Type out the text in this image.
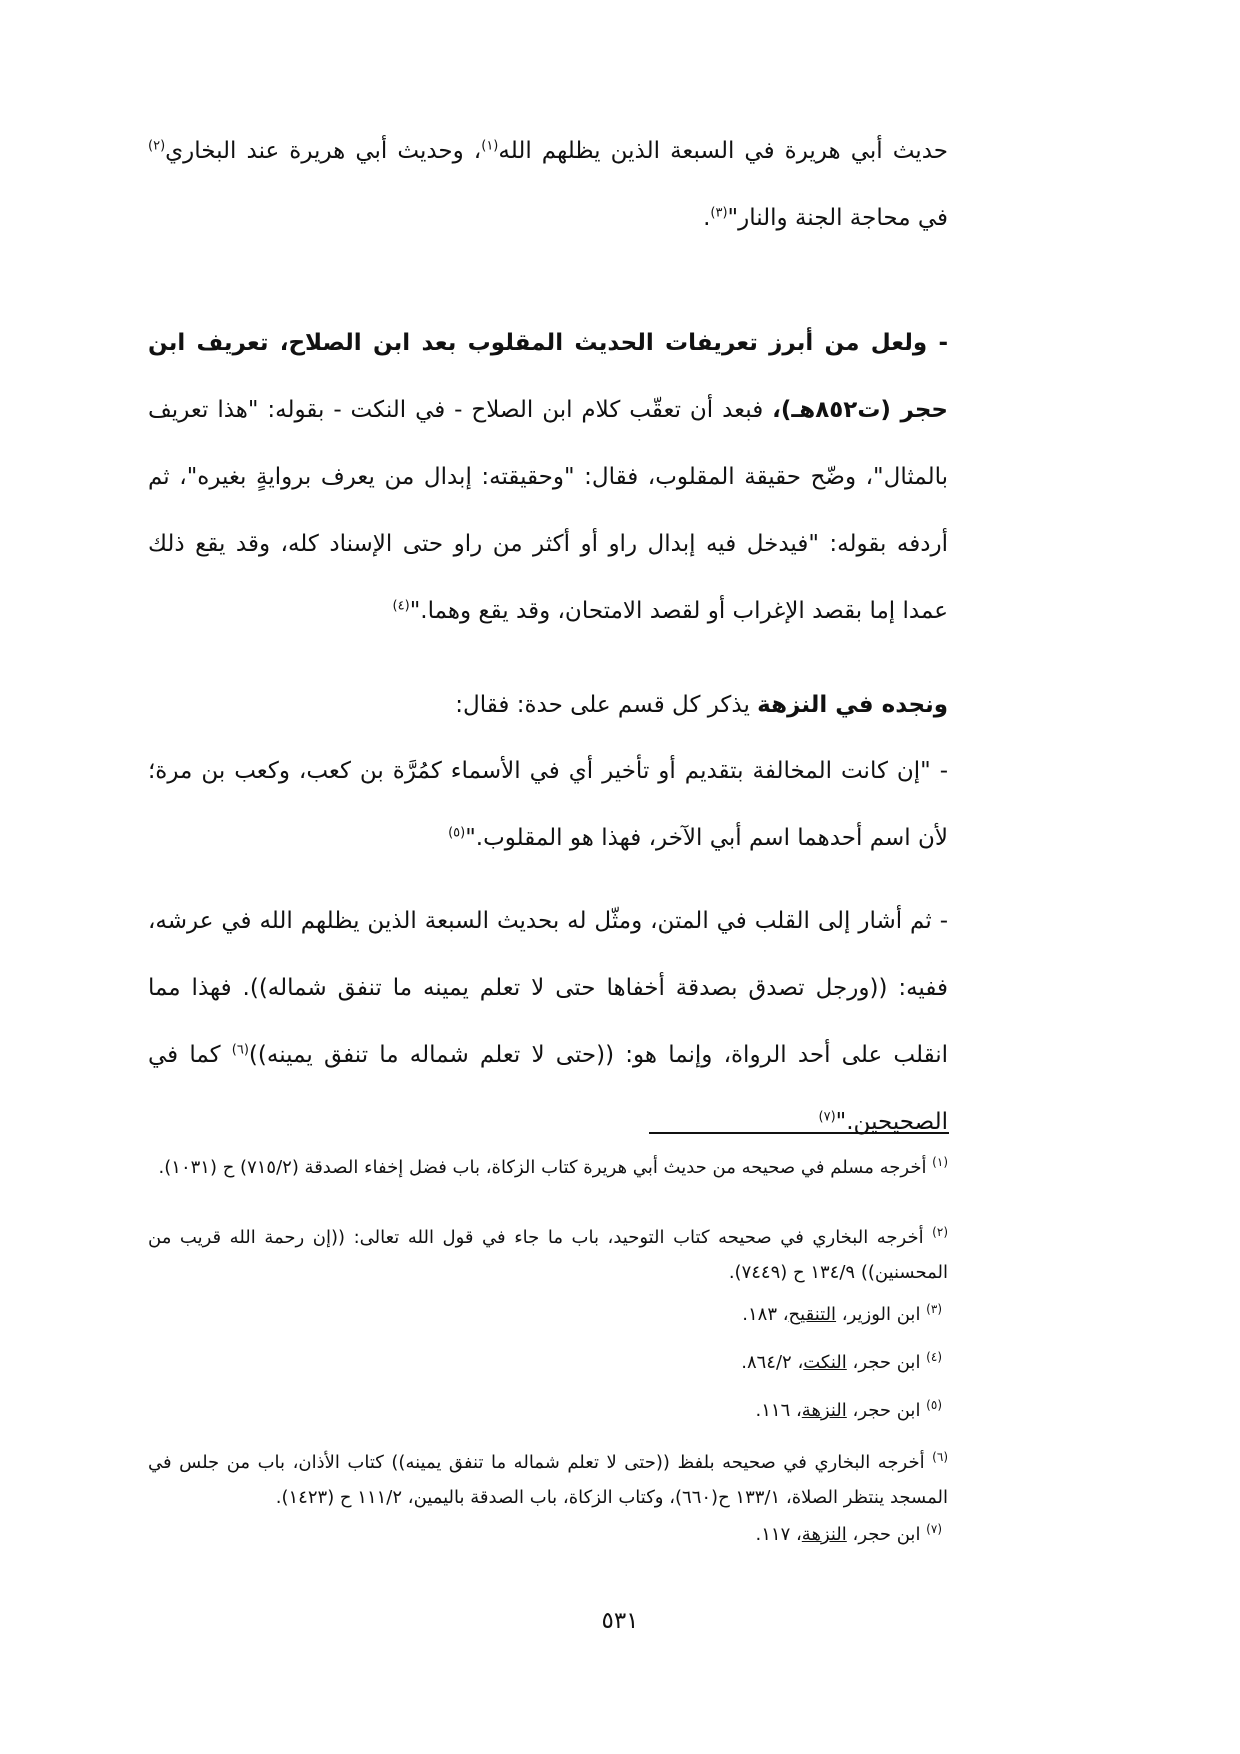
حديث أبي هريرة في السبعة الذين يظلهم الله$^{(١)}$، وحديث أبي هريرة عند البخاري$^{(٢)}$ في محاجة الجنة والنار"$^{(٣)}$.

- ولعل من أبرز تعريفات الحديث المقلوب بعد ابن الصلاح، تعريف ابن حجر (ت٨٥٢هـ)، فبعد أن تعقّب كلام ابن الصلاح - في النكت - بقوله: "هذا تعريف بالمثال"، وضّح حقيقة المقلوب، فقال: "وحقيقته: إبدال من يعرف بروايةٍ بغيره"، ثم أردفه بقوله: "فيدخل فيه إبدال راو أو أكثر من راو حتى الإسناد كله، وقد يقع ذلك عمدا إما بقصد الإغراب أو لقصد الامتحان، وقد يقع وهما."$^{(٤)}$

ونجده في النزهة يذكر كل قسم على حدة: فقال:

- "إن كانت المخالفة بتقديم أو تأخير أي في الأسماء كمُرَّة بن كعب، وكعب بن مرة؛ لأن اسم أحدهما اسم أبي الآخر، فهذا هو المقلوب."$^{(٥)}$

- ثم أشار إلى القلب في المتن، ومثّل له بحديث السبعة الذين يظلهم الله في عرشه، ففيه: ((ورجل تصدق بصدقة أخفاها حتى لا تعلم يمينه ما تنفق شماله)). فهذا مما انقلب على أحد الرواة، وإنما هو: ((حتى لا تعلم شماله ما تنفق يمينه))$^{(٦)}$ كما في الصحيحين."$^{(٧)}$

$^{(١)}$ أخرجه مسلم في صحيحه من حديث أبي هريرة كتاب الزكاة، باب فضل إخفاء الصدقة (٧١٥/٢) ح (١٠٣١).

$^{(٢)}$ أخرجه البخاري في صحيحه كتاب التوحيد، باب ما جاء في قول الله تعالى: ((إن رحمة الله قريب من المحسنين)) ١٣٤/٩ ح (٧٤٤٩).

$^{(٣)}$ ابن الوزير، التنقيح، ١٨٣.

$^{(٤)}$ ابن حجر، النكت، ٨٦٤/٢.

$^{(٥)}$ ابن حجر، النزهة، ١١٦.

$^{(٦)}$ أخرجه البخاري في صحيحه بلفظ ((حتى لا تعلم شماله ما تنفق يمينه)) كتاب الأذان، باب من جلس في المسجد ينتظر الصلاة، ١٣٣/١ ح(٦٦٠)، وكتاب الزكاة، باب الصدقة باليمين، ١١١/٢ ح (١٤٢٣).

$^{(٧)}$ ابن حجر، النزهة، ١١٧.

٥٣١
